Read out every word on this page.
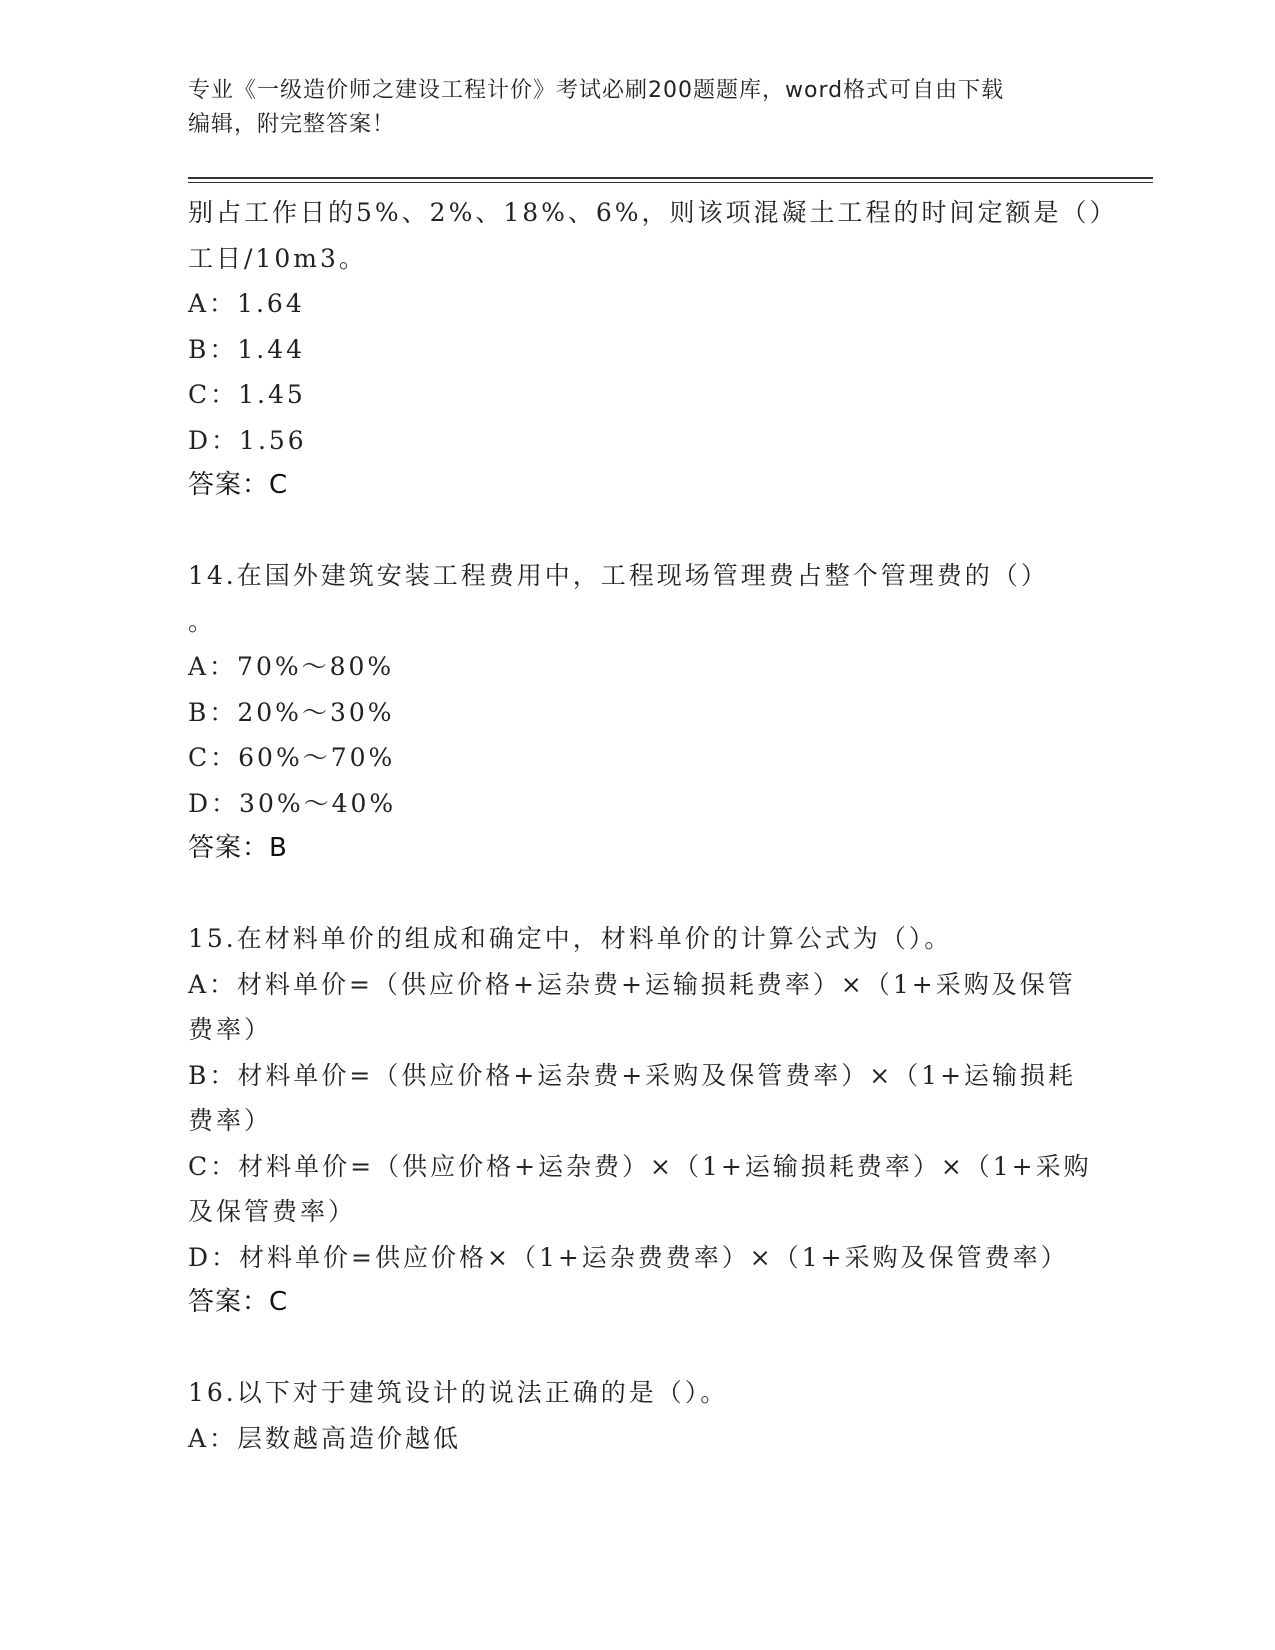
专业《一级造价师之建设工程计价》考试必刷200题题库，word格式可自由下载
编辑，附完整答案！
别占工作日的5%、2%、18%、6%，则该项混凝土工程的时间定额是（）
工日/10m3。
A：1.64
B：1.44
C：1.45
D：1.56
答案：C
14.在国外建筑安装工程费用中，工程现场管理费占整个管理费的（）
。
A：70%～80%
B：20%～30%
C：60%～70%
D：30%～40%
答案：B
15.在材料单价的组成和确定中，材料单价的计算公式为（）。
A：材料单价=（供应价格+运杂费+运输损耗费率）×（1+采购及保管
费率）
B：材料单价=（供应价格+运杂费+采购及保管费率）×（1+运输损耗
费率）
C：材料单价=（供应价格+运杂费）×（1+运输损耗费率）×（1+采购
及保管费率）
D：材料单价=供应价格×（1+运杂费费率）×（1+采购及保管费率）
答案：C
16.以下对于建筑设计的说法正确的是（）。
A：层数越高造价越低
